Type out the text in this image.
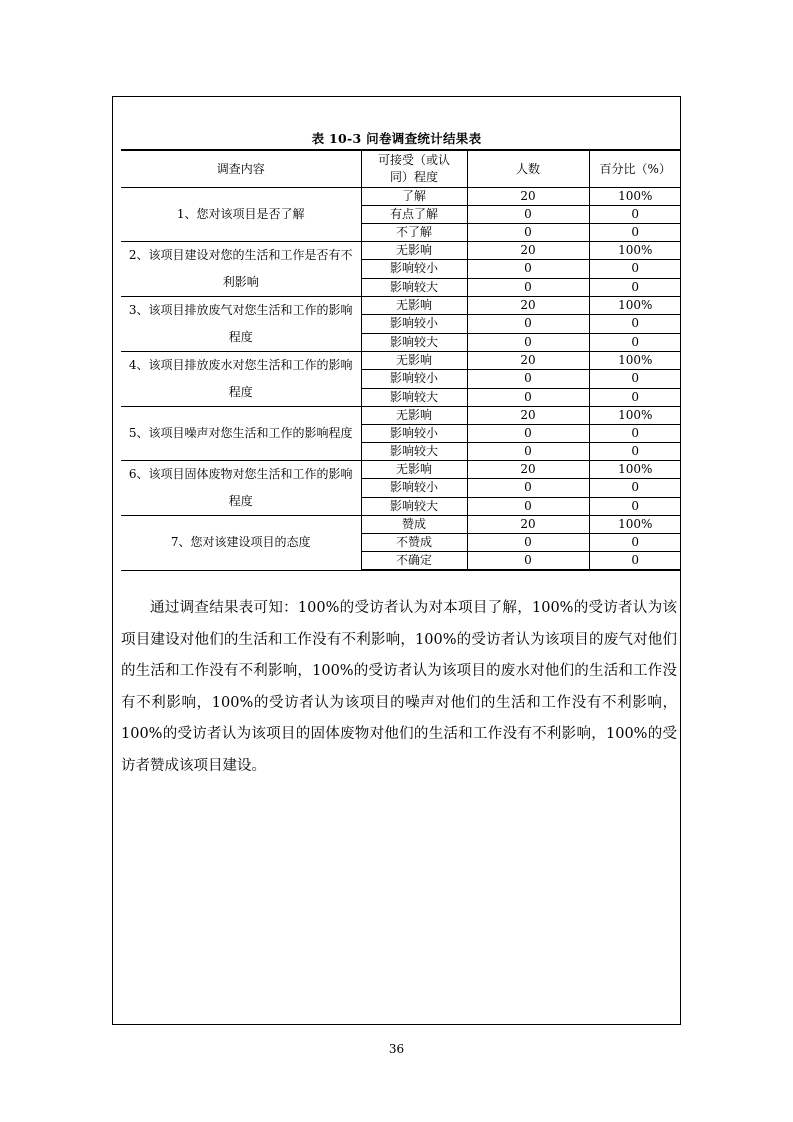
表 10-3 问卷调查统计结果表
调查内容	可接受（或认同）程度	人数	百分比（%）
1、您对该项目是否了解	了解	20	100%
	有点了解	0	0
	不了解	0	0
2、该项目建设对您的生活和工作是否有不利影响	无影响	20	100%
	影响较小	0	0
	影响较大	0	0
3、该项目排放废气对您生活和工作的影响程度	无影响	20	100%
	影响较小	0	0
	影响较大	0	0
4、该项目排放废水对您生活和工作的影响程度	无影响	20	100%
	影响较小	0	0
	影响较大	0	0
5、该项目噪声对您生活和工作的影响程度	无影响	20	100%
	影响较小	0	0
	影响较大	0	0
6、该项目固体废物对您生活和工作的影响程度	无影响	20	100%
	影响较小	0	0
	影响较大	0	0
7、您对该建设项目的态度	赞成	20	100%
	不赞成	0	0
	不确定	0	0

通过调查结果表可知：100%的受访者认为对本项目了解，100%的受访者认为该项目建设对他们的生活和工作没有不利影响，100%的受访者认为该项目的废气对他们的生活和工作没有不利影响，100%的受访者认为该项目的废水对他们的生活和工作没有不利影响，100%的受访者认为该项目的噪声对他们的生活和工作没有不利影响，100%的受访者认为该项目的固体废物对他们的生活和工作没有不利影响，100%的受访者赞成该项目建设。

36
